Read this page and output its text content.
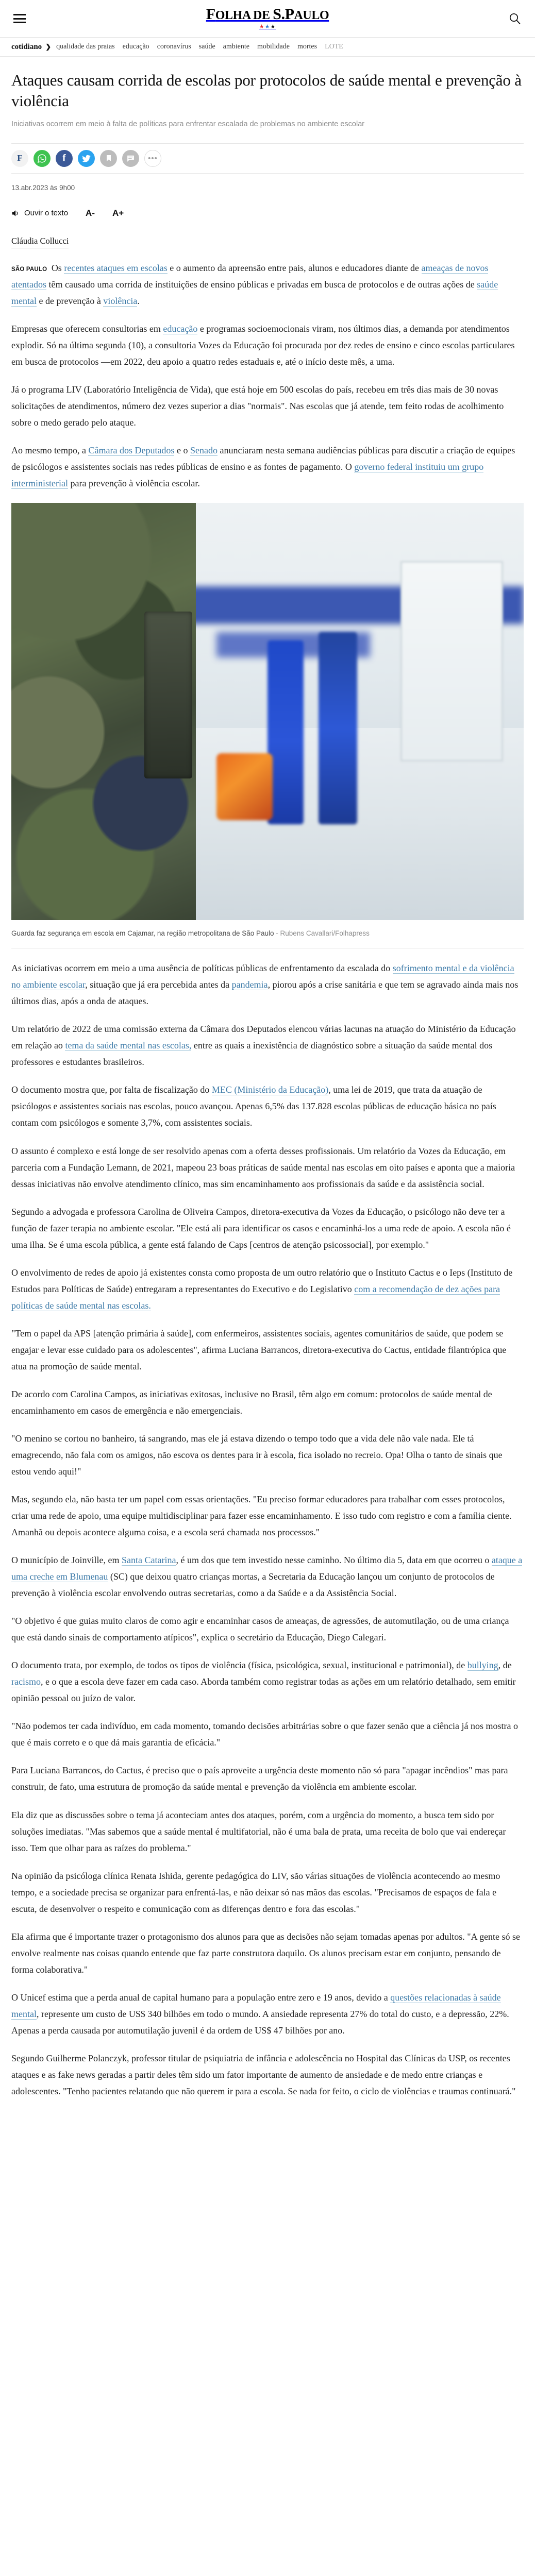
FOLHA DE S.PAULO
★★★
cotidiano ❯ qualidade das praias educação coronavírus saúde ambiente mobilidade mortes LOTE
Ataques causam corrida de escolas por protocolos de saúde mental e prevenção à violência

Iniciativas ocorrem em meio à falta de políticas para enfrentar escalada de problemas no ambiente escolar

F	f	•••
13.abr.2023 às 9h00
Ouvir o texto A- A+
Cláudia Collucci

SÃO PAULO Os recentes ataques em escolas e o aumento da apreensão entre pais, alunos e educadores diante de ameaças de novos atentados têm causado uma corrida de instituições de ensino públicas e privadas em busca de protocolos e de outras ações de saúde mental e de prevenção à violência.

Empresas que oferecem consultorias em educação e programas socioemocionais viram, nos últimos dias, a demanda por atendimentos explodir. Só na última segunda (10), a consultoria Vozes da Educação foi procurada por dez redes de ensino e cinco escolas particulares em busca de protocolos —em 2022, deu apoio a quatro redes estaduais e, até o início deste mês, a uma.

Já o programa LIV (Laboratório Inteligência de Vida), que está hoje em 500 escolas do país, recebeu em três dias mais de 30 novas solicitações de atendimentos, número dez vezes superior a dias "normais". Nas escolas que já atende, tem feito rodas de acolhimento sobre o medo gerado pelo ataque.

Ao mesmo tempo, a Câmara dos Deputados e o Senado anunciaram nesta semana audiências públicas para discutir a criação de equipes de psicólogos e assistentes sociais nas redes públicas de ensino e as fontes de pagamento. O governo federal instituiu um grupo interministerial para prevenção à violência escolar.

Guarda faz segurança em escola em Cajamar, na região metropolitana de São Paulo - Rubens Cavallari/Folhapress

As iniciativas ocorrem em meio a uma ausência de políticas públicas de enfrentamento da escalada do sofrimento mental e da violência no ambiente escolar, situação que já era percebida antes da pandemia, piorou após a crise sanitária e que tem se agravado ainda mais nos últimos dias, após a onda de ataques.

Um relatório de 2022 de uma comissão externa da Câmara dos Deputados elencou várias lacunas na atuação do Ministério da Educação em relação ao tema da saúde mental nas escolas, entre as quais a inexistência de diagnóstico sobre a situação da saúde mental dos professores e estudantes brasileiros.

O documento mostra que, por falta de fiscalização do MEC (Ministério da Educação), uma lei de 2019, que trata da atuação de psicólogos e assistentes sociais nas escolas, pouco avançou. Apenas 6,5% das 137.828 escolas públicas de educação básica no país contam com psicólogos e somente 3,7%, com assistentes sociais.

O assunto é complexo e está longe de ser resolvido apenas com a oferta desses profissionais. Um relatório da Vozes da Educação, em parceria com a Fundação Lemann, de 2021, mapeou 23 boas práticas de saúde mental nas escolas em oito países e aponta que a maioria dessas iniciativas não envolve atendimento clínico, mas sim encaminhamento aos profissionais da saúde e da assistência social.

Segundo a advogada e professora Carolina de Oliveira Campos, diretora-executiva da Vozes da Educação, o psicólogo não deve ter a função de fazer terapia no ambiente escolar. "Ele está ali para identificar os casos e encaminhá-los a uma rede de apoio. A escola não é uma ilha. Se é uma escola pública, a gente está falando de Caps [centros de atenção psicossocial], por exemplo."

O envolvimento de redes de apoio já existentes consta como proposta de um outro relatório que o Instituto Cactus e o Ieps (Instituto de Estudos para Políticas de Saúde) entregaram a representantes do Executivo e do Legislativo com a recomendação de dez ações para políticas de saúde mental nas escolas.

"Tem o papel da APS [atenção primária à saúde], com enfermeiros, assistentes sociais, agentes comunitários de saúde, que podem se engajar e levar esse cuidado para os adolescentes", afirma Luciana Barrancos, diretora-executiva do Cactus, entidade filantrópica que atua na promoção de saúde mental.

De acordo com Carolina Campos, as iniciativas exitosas, inclusive no Brasil, têm algo em comum: protocolos de saúde mental de encaminhamento em casos de emergência e não emergenciais.

"O menino se cortou no banheiro, tá sangrando, mas ele já estava dizendo o tempo todo que a vida dele não vale nada. Ele tá emagrecendo, não fala com os amigos, não escova os dentes para ir à escola, fica isolado no recreio. Opa! Olha o tanto de sinais que estou vendo aqui!"

Mas, segundo ela, não basta ter um papel com essas orientações. "Eu preciso formar educadores para trabalhar com esses protocolos, criar uma rede de apoio, uma equipe multidisciplinar para fazer esse encaminhamento. E isso tudo com registro e com a família ciente. Amanhã ou depois acontece alguma coisa, e a escola será chamada nos processos."

O município de Joinville, em Santa Catarina, é um dos que tem investido nesse caminho. No último dia 5, data em que ocorreu o ataque a uma creche em Blumenau (SC) que deixou quatro crianças mortas, a Secretaria da Educação lançou um conjunto de protocolos de prevenção à violência escolar envolvendo outras secretarias, como a da Saúde e a da Assistência Social.

"O objetivo é que guias muito claros de como agir e encaminhar casos de ameaças, de agressões, de automutilação, ou de uma criança que está dando sinais de comportamento atípicos", explica o secretário da Educação, Diego Calegari.

O documento trata, por exemplo, de todos os tipos de violência (física, psicológica, sexual, institucional e patrimonial), de bullying, de racismo, e o que a escola deve fazer em cada caso. Aborda também como registrar todas as ações em um relatório detalhado, sem emitir opinião pessoal ou juízo de valor.

"Não podemos ter cada indivíduo, em cada momento, tomando decisões arbitrárias sobre o que fazer senão que a ciência já nos mostra o que é mais correto e o que dá mais garantia de eficácia."

Para Luciana Barrancos, do Cactus, é preciso que o país aproveite a urgência deste momento não só para "apagar incêndios" mas para construir, de fato, uma estrutura de promoção da saúde mental e prevenção da violência em ambiente escolar.

Ela diz que as discussões sobre o tema já aconteciam antes dos ataques, porém, com a urgência do momento, a busca tem sido por soluções imediatas. "Mas sabemos que a saúde mental é multifatorial, não é uma bala de prata, uma receita de bolo que vai endereçar isso. Tem que olhar para as raízes do problema."

Na opinião da psicóloga clínica Renata Ishida, gerente pedagógica do LIV, são várias situações de violência acontecendo ao mesmo tempo, e a sociedade precisa se organizar para enfrentá-las, e não deixar só nas mãos das escolas. "Precisamos de espaços de fala e escuta, de desenvolver o respeito e comunicação com as diferenças dentro e fora das escolas."

Ela afirma que é importante trazer o protagonismo dos alunos para que as decisões não sejam tomadas apenas por adultos. "A gente só se envolve realmente nas coisas quando entende que faz parte construtora daquilo. Os alunos precisam estar em conjunto, pensando de forma colaborativa."

O Unicef estima que a perda anual de capital humano para a população entre zero e 19 anos, devido a questões relacionadas à saúde mental, represente um custo de US$ 340 bilhões em todo o mundo. A ansiedade representa 27% do total do custo, e a depressão, 22%. Apenas a perda causada por automutilação juvenil é da ordem de US$ 47 bilhões por ano.

Segundo Guilherme Polanczyk, professor titular de psiquiatria de infância e adolescência no Hospital das Clínicas da USP, os recentes ataques e as fake news geradas a partir deles têm sido um fator importante de aumento de ansiedade e de medo entre crianças e adolescentes. "Tenho pacientes relatando que não querem ir para a escola. Se nada for feito, o ciclo de violências e traumas continuará."
